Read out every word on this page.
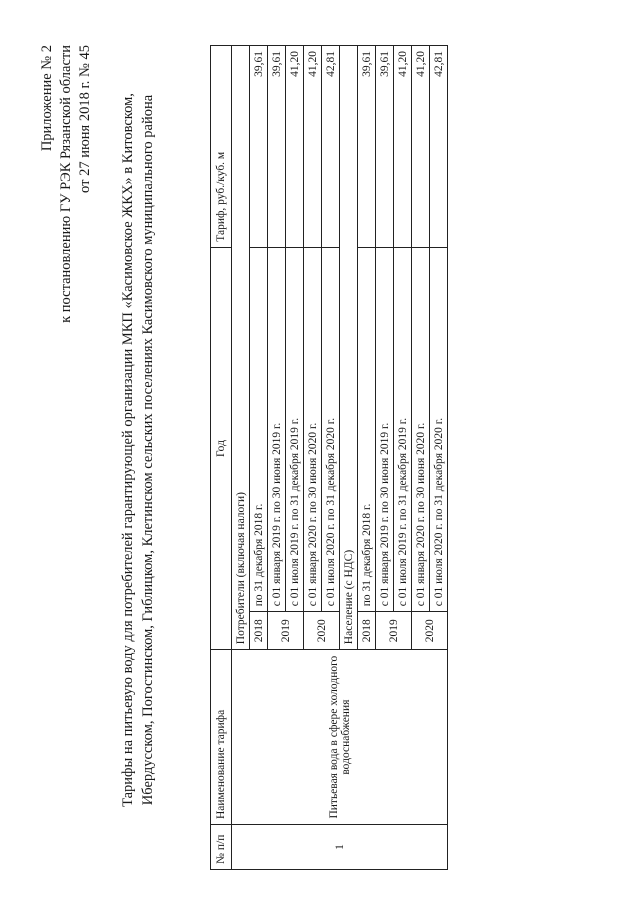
Приложение № 2 к постановлению ГУ РЭК Рязанской области от 27 июня 2018 г. № 45 Тарифы на питьевую воду для потребителей гарантирующей организации МКП «Касимовское ЖКХ» в Китовском, Ибердусском, Погостинском, Гиблицком, Клетинском сельских поселениях Касимовского муниципального района
№ п/п	Наименование тарифа	Год		Тариф, руб./куб. м
1	Питьевая вода в сфере холодного водоснабжения	Потребители (включая налоги)		
		2018	по 31 декабря 2018 г.	39,61
		2019	с 01 января 2019 г. по 30 июня 2019 г.	39,61
			с 01 июля 2019 г. по 31 декабря 2019 г.	41,20
		2020	с 01 января 2020 г. по 30 июня 2020 г.	41,20
			с 01 июля 2020 г. по 31 декабря 2020 г.	42,81
		Население (с НДС)		
		2018	по 31 декабря 2018 г.	39,61
		2019	с 01 января 2019 г. по 30 июня 2019 г.	39,61
			с 01 июля 2019 г. по 31 декабря 2019 г.	41,20
		2020	с 01 января 2020 г. по 30 июня 2020 г.	41,20
			с 01 июля 2020 г. по 31 декабря 2020 г.	42,81
